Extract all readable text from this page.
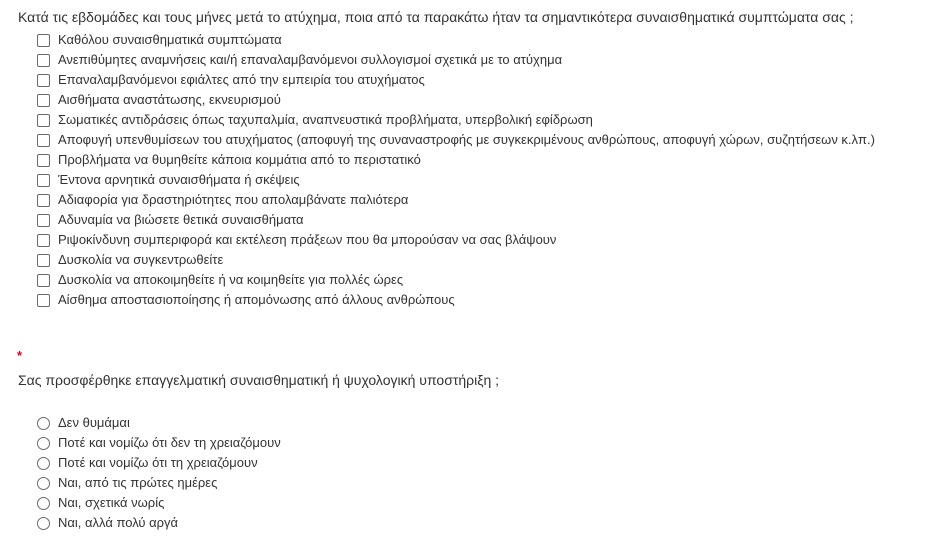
Κατά τις εβδομάδες και τους μήνες μετά το ατύχημα, ποια από τα παρακάτω ήταν τα σημαντικότερα συναισθηματικά συμπτώματα σας ;
Καθόλου συναισθηματικά συμπτώματα
Ανεπιθύμητες αναμνήσεις και/ή επαναλαμβανόμενοι συλλογισμοί σχετικά με το ατύχημα
Επαναλαμβανόμενοι εφιάλτες από την εμπειρία του ατυχήματος
Αισθήματα αναστάτωσης, εκνευρισμού
Σωματικές αντιδράσεις όπως ταχυπαλμία, αναπνευστικά προβλήματα, υπερβολική εφίδρωση
Αποφυγή υπενθυμίσεων του ατυχήματος (αποφυγή της συναναστροφής με συγκεκριμένους ανθρώπους, αποφυγή χώρων, συζητήσεων κ.λπ.)
Προβλήματα να θυμηθείτε κάποια κομμάτια από το περιστατικό
Έντονα αρνητικά συναισθήματα ή σκέψεις
Αδιαφορία για δραστηριότητες που απολαμβάνατε παλιότερα
Αδυναμία να βιώσετε θετικά συναισθήματα
Ριψοκίνδυνη συμπεριφορά και εκτέλεση πράξεων που θα μπορούσαν να σας βλάψουν
Δυσκολία να συγκεντρωθείτε
Δυσκολία να αποκοιμηθείτε ή να κοιμηθείτε για πολλές ώρες
Αίσθημα αποστασιοποίησης ή απομόνωσης από άλλους ανθρώπους
*
Σας προσφέρθηκε επαγγελματική συναισθηματική ή ψυχολογική υποστήριξη ;
Δεν θυμάμαι
Ποτέ και νομίζω ότι δεν τη χρειαζόμουν
Ποτέ και νομίζω ότι τη χρειαζόμουν
Ναι, από τις πρώτες ημέρες
Ναι, σχετικά νωρίς
Ναι, αλλά πολύ αργά
